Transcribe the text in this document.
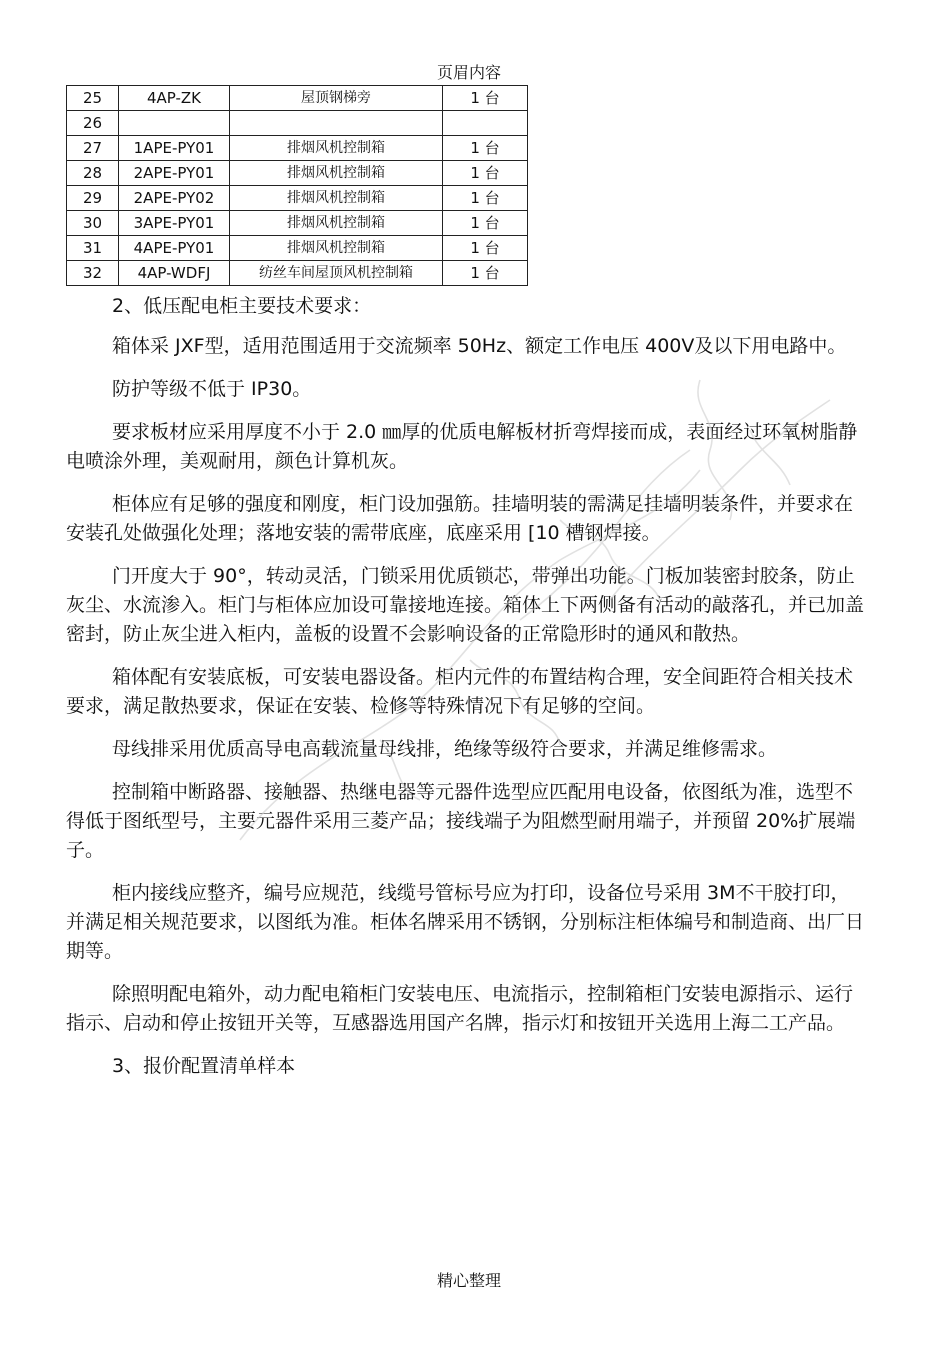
页眉内容
25	4AP-ZK	屋顶钢梯旁	1 台
26			
27	1APE-PY01	排烟风机控制箱	1 台
28	2APE-PY01	排烟风机控制箱	1 台
29	2APE-PY02	排烟风机控制箱	1 台
30	3APE-PY01	排烟风机控制箱	1 台
31	4APE-PY01	排烟风机控制箱	1 台
32	4AP-WDFJ	纺丝车间屋顶风机控制箱	1 台

2、低压配电柜主要技术要求：

箱体采 JXF型，适用范围适用于交流频率 50Hz、额定工作电压 400V及以下用电路中。

防护等级不低于 IP30。

要求板材应采用厚度不小于 2.0 ㎜厚的优质电解板材折弯焊接而成，表面经过环氧树脂静电喷涂外理，美观耐用，颜色计算机灰。

柜体应有足够的强度和刚度，柜门设加强筋。挂墙明装的需满足挂墙明装条件，并要求在安装孔处做强化处理；落地安装的需带底座，底座采用 [10 槽钢焊接。

门开度大于 90°，转动灵活，门锁采用优质锁芯，带弹出功能。门板加装密封胶条，防止灰尘、水流渗入。柜门与柜体应加设可靠接地连接。箱体上下两侧备有活动的敲落孔，并已加盖密封，防止灰尘进入柜内，盖板的设置不会影响设备的正常隐形时的通风和散热。

箱体配有安装底板，可安装电器设备。柜内元件的布置结构合理，安全间距符合相关技术要求，满足散热要求，保证在安装、检修等特殊情况下有足够的空间。

母线排采用优质高导电高载流量母线排，绝缘等级符合要求，并满足维修需求。

控制箱中断路器、接触器、热继电器等元器件选型应匹配用电设备，依图纸为准，选型不得低于图纸型号，主要元器件采用三菱产品；接线端子为阻燃型耐用端子，并预留 20%扩展端子。

柜内接线应整齐，编号应规范，线缆号管标号应为打印，设备位号采用 3M不干胶打印，并满足相关规范要求，以图纸为准。柜体名牌采用不锈钢，分别标注柜体编号和制造商、出厂日期等。

除照明配电箱外，动力配电箱柜门安装电压、电流指示，控制箱柜门安装电源指示、运行指示、启动和停止按钮开关等，互感器选用国产名牌，指示灯和按钮开关选用上海二工产品。

3、报价配置清单样本

精心整理
